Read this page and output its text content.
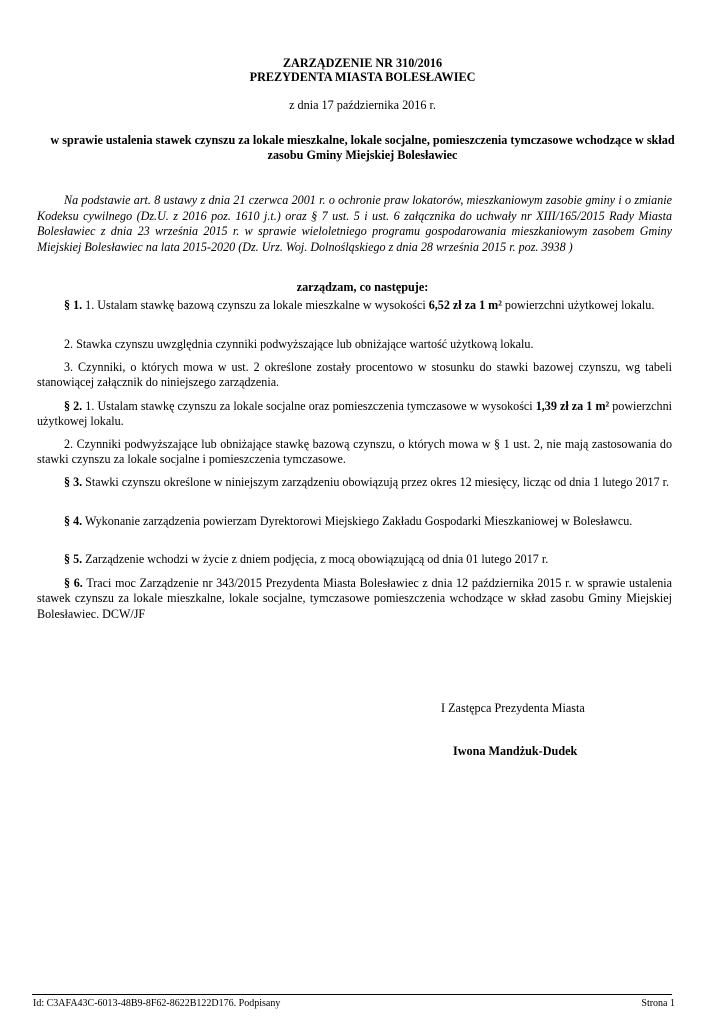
ZARZĄDZENIE NR 310/2016
PREZYDENTA MIASTA BOLESŁAWIEC
z dnia 17 października 2016 r.
w sprawie ustalenia stawek czynszu za lokale mieszkalne, lokale socjalne, pomieszczenia tymczasowe wchodzące w skład zasobu Gminy Miejskiej Bolesławiec
Na podstawie art. 8 ustawy z dnia 21 czerwca 2001 r. o ochronie praw lokatorów, mieszkaniowym zasobie gminy i o zmianie Kodeksu cywilnego (Dz.U. z 2016 poz. 1610 j.t.) oraz § 7 ust. 5 i ust. 6 załącznika do uchwały nr XIII/165/2015 Rady Miasta Bolesławiec z dnia 23 września 2015 r. w sprawie wieloletniego programu gospodarowania mieszkaniowym zasobem Gminy Miejskiej Bolesławiec na lata 2015-2020 (Dz. Urz. Woj. Dolnośląskiego z dnia 28 września 2015 r. poz. 3938 )
zarządzam, co następuje:
§ 1. 1. Ustalam stawkę bazową czynszu za lokale mieszkalne w wysokości 6,52 zł za 1 m² powierzchni użytkowej lokalu.
2. Stawka czynszu uwzględnia czynniki podwyższające lub obniżające wartość użytkową lokalu.
3. Czynniki, o których mowa w ust. 2 określone zostały procentowo w stosunku do stawki bazowej czynszu, wg tabeli stanowiącej załącznik do niniejszego zarządzenia.
§ 2. 1. Ustalam stawkę czynszu za lokale socjalne oraz pomieszczenia tymczasowe w wysokości 1,39 zł za 1 m² powierzchni użytkowej lokalu.
2. Czynniki podwyższające lub obniżające stawkę bazową czynszu, o których mowa w § 1 ust. 2, nie mają zastosowania do stawki czynszu za lokale socjalne i pomieszczenia tymczasowe.
§ 3. Stawki czynszu określone w niniejszym zarządzeniu obowiązują przez okres 12 miesięcy, licząc od dnia 1 lutego 2017 r.
§ 4. Wykonanie zarządzenia powierzam Dyrektorowi Miejskiego Zakładu Gospodarki Mieszkaniowej w Bolesławcu.
§ 5. Zarządzenie wchodzi w życie z dniem podjęcia, z mocą obowiązującą od dnia 01 lutego 2017 r.
§ 6. Traci moc Zarządzenie nr 343/2015 Prezydenta Miasta Bolesławiec z dnia 12 października 2015 r. w sprawie ustalenia stawek czynszu za lokale mieszkalne, lokale socjalne, tymczasowe pomieszczenia wchodzące w skład zasobu Gminy Miejskiej Bolesławiec. DCW/JF
I Zastępca Prezydenta Miasta
Iwona Mandżuk-Dudek
Id: C3AFA43C-6013-48B9-8F62-8622B122D176. Podpisany	Strona 1
